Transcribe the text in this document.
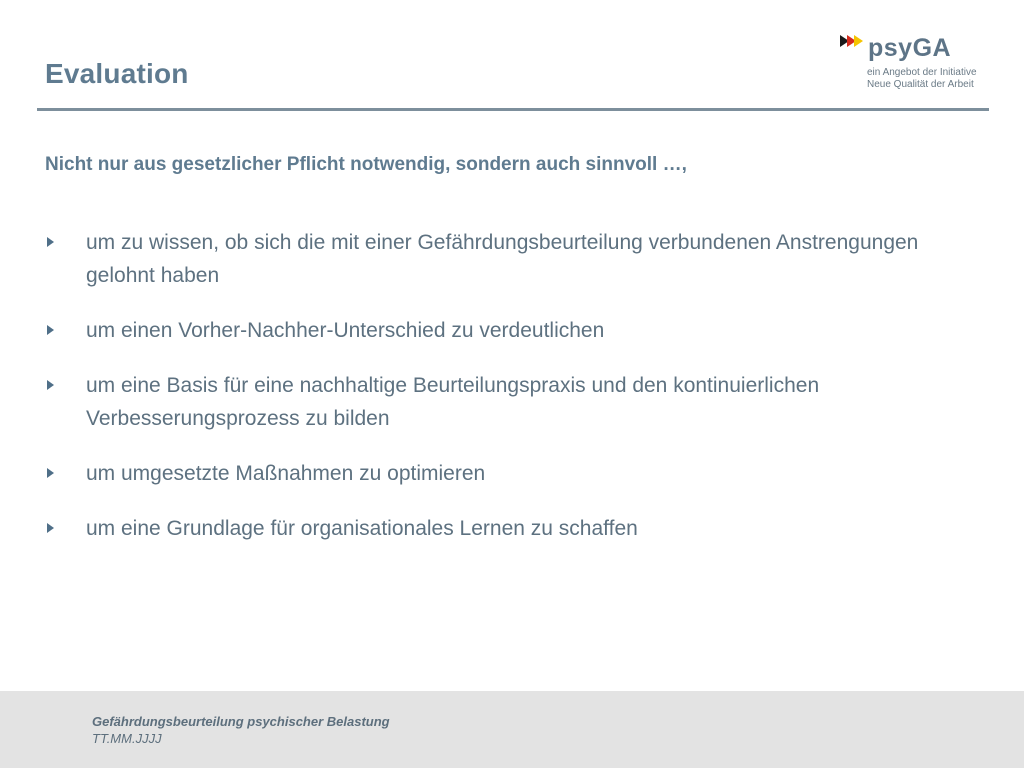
Evaluation
psyGA
ein Angebot der Initiative
Neue Qualität der Arbeit
Nicht nur aus gesetzlicher Pflicht notwendig, sondern auch sinnvoll …,
um zu wissen, ob sich die mit einer Gefährdungsbeurteilung verbundenen Anstrengungen gelohnt haben
um einen Vorher-Nachher-Unterschied zu verdeutlichen
um eine Basis für eine nachhaltige Beurteilungspraxis und den kontinuierlichen Verbesserungsprozess zu bilden
um umgesetzte Maßnahmen zu optimieren
um eine Grundlage für organisationales Lernen zu schaffen
Gefährdungsbeurteilung psychischer Belastung
TT.MM.JJJJ
